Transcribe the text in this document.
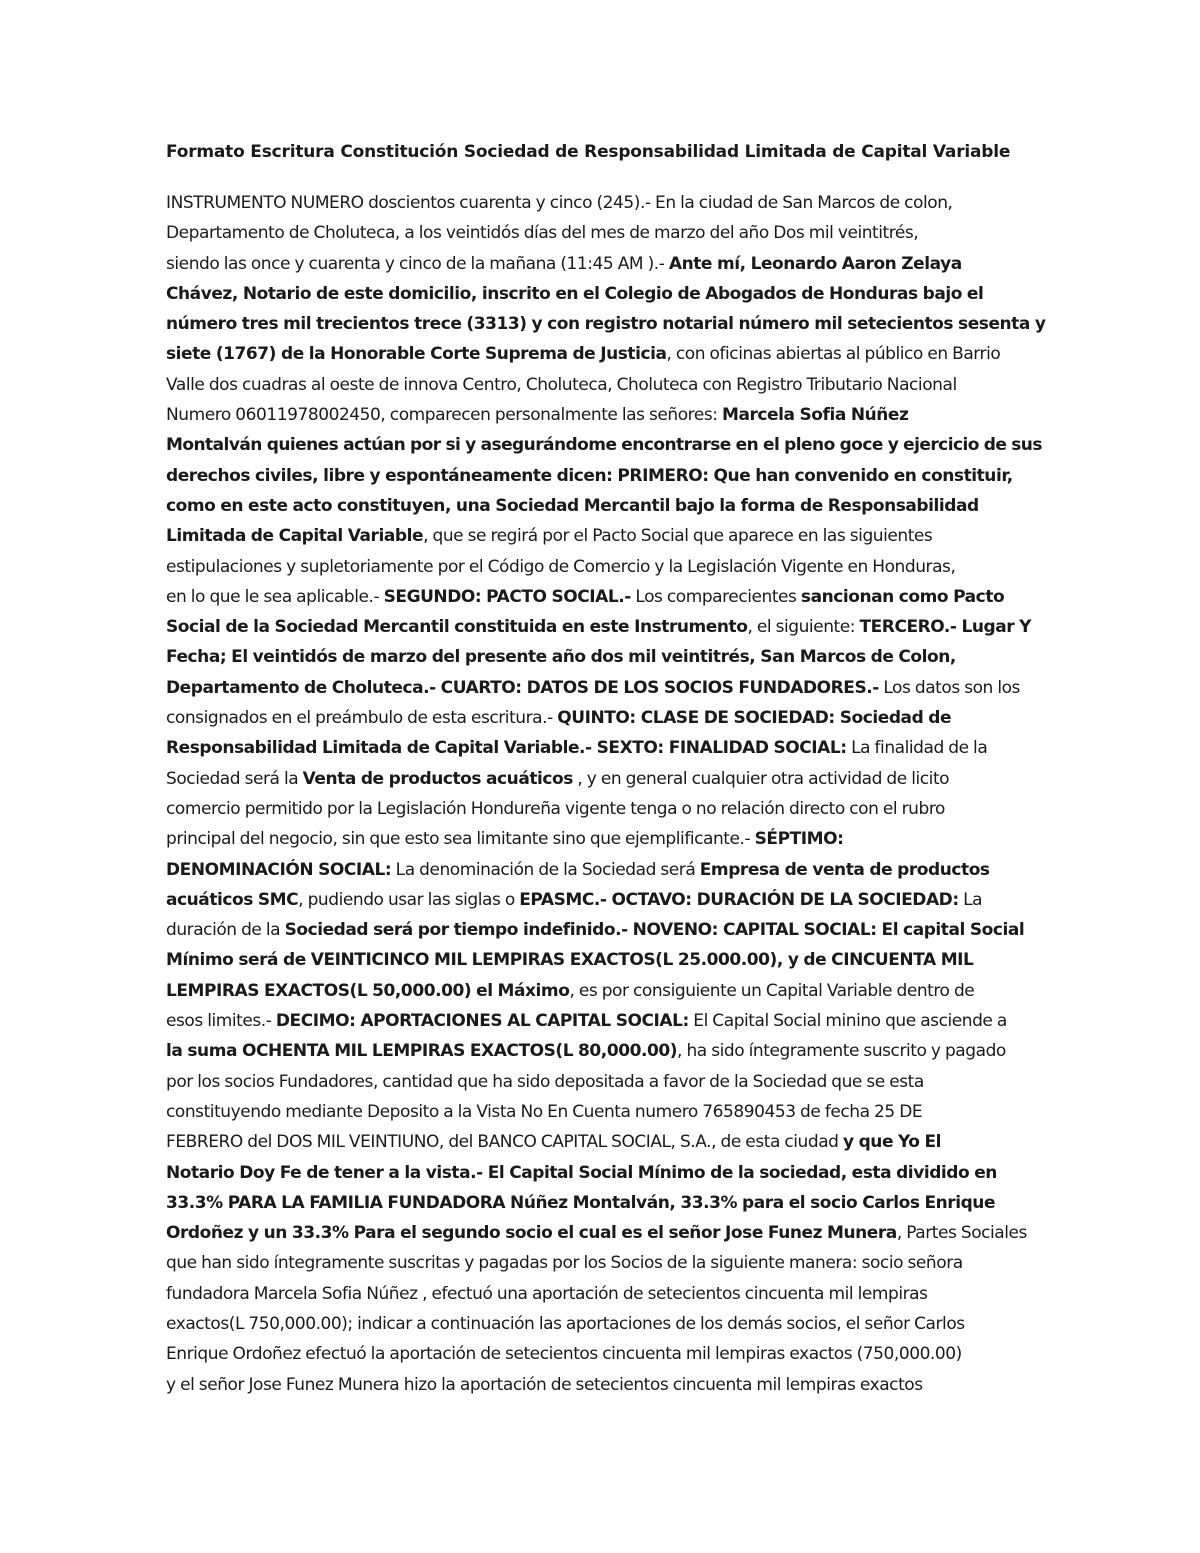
Formato Escritura Constitución Sociedad de Responsabilidad Limitada de Capital Variable
INSTRUMENTO NUMERO doscientos cuarenta y cinco (245).- En la ciudad de San Marcos de colon,
Departamento de Choluteca, a los veintidós días del mes de marzo del año Dos mil veintitrés,
siendo las once y cuarenta y cinco de la mañana (11:45 AM ).- Ante mí, Leonardo Aaron Zelaya
Chávez, Notario de este domicilio, inscrito en el Colegio de Abogados de Honduras bajo el
número tres mil trecientos trece (3313) y con registro notarial número mil setecientos sesenta y
siete (1767) de la Honorable Corte Suprema de Justicia, con oficinas abiertas al público en Barrio
Valle dos cuadras al oeste de innova Centro, Choluteca, Choluteca con Registro Tributario Nacional
Numero 06011978002450, comparecen personalmente las señores: Marcela Sofia Núñez
Montalván quienes actúan por si y asegurándome encontrarse en el pleno goce y ejercicio de sus
derechos civiles, libre y espontáneamente dicen: PRIMERO: Que han convenido en constituir,
como en este acto constituyen, una Sociedad Mercantil bajo la forma de Responsabilidad
Limitada de Capital Variable, que se regirá por el Pacto Social que aparece en las siguientes
estipulaciones y supletoriamente por el Código de Comercio y la Legislación Vigente en Honduras,
en lo que le sea aplicable.- SEGUNDO: PACTO SOCIAL.- Los comparecientes sancionan como Pacto
Social de la Sociedad Mercantil constituida en este Instrumento, el siguiente: TERCERO.- Lugar Y
Fecha; El veintidós de marzo del presente año dos mil veintitrés, San Marcos de Colon,
Departamento de Choluteca.- CUARTO: DATOS DE LOS SOCIOS FUNDADORES.- Los datos son los
consignados en el preámbulo de esta escritura.- QUINTO: CLASE DE SOCIEDAD: Sociedad de
Responsabilidad Limitada de Capital Variable.- SEXTO: FINALIDAD SOCIAL: La finalidad de la
Sociedad será la Venta de productos acuáticos , y en general cualquier otra actividad de licito
comercio permitido por la Legislación Hondureña vigente tenga o no relación directo con el rubro
principal del negocio, sin que esto sea limitante sino que ejemplificante.- SÉPTIMO:
DENOMINACIÓN SOCIAL: La denominación de la Sociedad será Empresa de venta de productos
acuáticos SMC, pudiendo usar las siglas o EPASMC.- OCTAVO: DURACIÓN DE LA SOCIEDAD: La
duración de la Sociedad será por tiempo indefinido.- NOVENO: CAPITAL SOCIAL: El capital Social
Mínimo será de VEINTICINCO MIL LEMPIRAS EXACTOS(L 25.000.00), y de CINCUENTA MIL
LEMPIRAS EXACTOS(L 50,000.00) el Máximo, es por consiguiente un Capital Variable dentro de
esos limites.- DECIMO: APORTACIONES AL CAPITAL SOCIAL: El Capital Social minino que asciende a
la suma OCHENTA MIL LEMPIRAS EXACTOS(L 80,000.00), ha sido íntegramente suscrito y pagado
por los socios Fundadores, cantidad que ha sido depositada a favor de la Sociedad que se esta
constituyendo mediante Deposito a la Vista No En Cuenta numero 765890453 de fecha 25 DE
FEBRERO del DOS MIL VEINTIUNO, del BANCO CAPITAL SOCIAL, S.A., de esta ciudad y que Yo El
Notario Doy Fe de tener a la vista.- El Capital Social Mínimo de la sociedad, esta dividido en
33.3% PARA LA FAMILIA FUNDADORA Núñez Montalván, 33.3% para el socio Carlos Enrique
Ordoñez y un 33.3% Para el segundo socio el cual es el señor Jose Funez Munera, Partes Sociales
que han sido íntegramente suscritas y pagadas por los Socios de la siguiente manera: socio señora
fundadora Marcela Sofia Núñez , efectuó una aportación de setecientos cincuenta mil lempiras
exactos(L 750,000.00); indicar a continuación las aportaciones de los demás socios, el señor Carlos
Enrique Ordoñez efectuó la aportación de setecientos cincuenta mil lempiras exactos (750,000.00)
y el señor Jose Funez Munera hizo la aportación de setecientos cincuenta mil lempiras exactos
